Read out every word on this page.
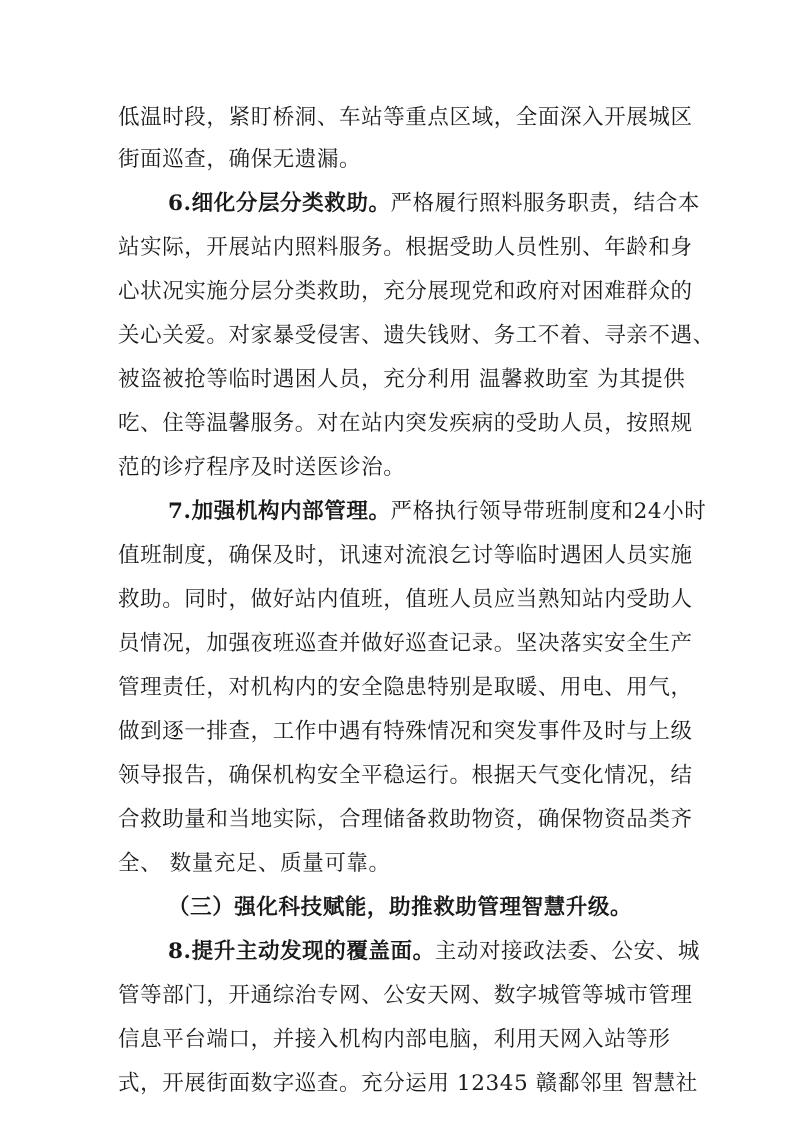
低温时段，紧盯桥洞、车站等重点区域，全面深入开展城区
街面巡查，确保无遗漏。
6.细化分层分类救助。严格履行照料服务职责，结合本
站实际，开展站内照料服务。根据受助人员性别、年龄和身
心状况实施分层分类救助，充分展现党和政府对困难群众的
关心关爱。对家暴受侵害、遗失钱财、务工不着、寻亲不遇、
被盗被抢等临时遇困人员，充分利用 温馨救助室 为其提供
吃、住等温馨服务。对在站内突发疾病的受助人员，按照规
范的诊疗程序及时送医诊治。
7.加强机构内部管理。严格执行领导带班制度和24小时
值班制度，确保及时，讯速对流浪乞讨等临时遇困人员实施
救助。同时，做好站内值班，值班人员应当熟知站内受助人
员情况，加强夜班巡查并做好巡查记录。坚决落实安全生产
管理责任，对机构内的安全隐患特别是取暖、用电、用气，
做到逐一排查，工作中遇有特殊情况和突发事件及时与上级
领导报告，确保机构安全平稳运行。根据天气变化情况，结
合救助量和当地实际，合理储备救助物资，确保物资品类齐
全、 数量充足、质量可靠。
（三）强化科技赋能，助推救助管理智慧升级。
8.提升主动发现的覆盖面。主动对接政法委、公安、城
管等部门，开通综治专网、公安天网、数字城管等城市管理
信息平台端口，并接入机构内部电脑，利用天网入站等形
式，开展街面数字巡查。充分运用 12345 赣鄱邻里 智慧社
